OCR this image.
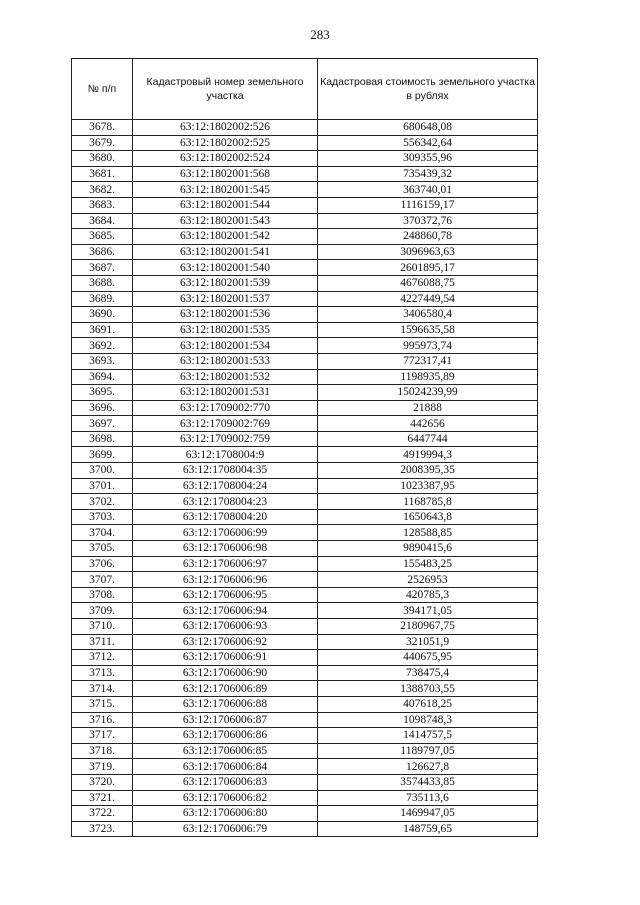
283
№ п/п	Кадастровый номер земельного участка	Кадастровая стоимость земельного участка в рублях
3678.	63:12:1802002:526	680648,08
3679.	63:12:1802002:525	556342,64
3680.	63:12:1802002:524	309355,96
3681.	63:12:1802001:568	735439,32
3682.	63:12:1802001:545	363740,01
3683.	63:12:1802001:544	1116159,17
3684.	63:12:1802001:543	370372,76
3685.	63:12:1802001:542	248860,78
3686.	63:12:1802001:541	3096963,63
3687.	63:12:1802001:540	2601895,17
3688.	63:12:1802001:539	4676088,75
3689.	63:12:1802001:537	4227449,54
3690.	63:12:1802001:536	3406580,4
3691.	63:12:1802001:535	1596635,58
3692.	63:12:1802001:534	995973,74
3693.	63:12:1802001:533	772317,41
3694.	63:12:1802001:532	1198935,89
3695.	63:12:1802001:531	15024239,99
3696.	63:12:1709002:770	21888
3697.	63:12:1709002:769	442656
3698.	63:12:1709002:759	6447744
3699.	63:12:1708004:9	4919994,3
3700.	63:12:1708004:35	2008395,35
3701.	63:12:1708004:24	1023387,95
3702.	63:12:1708004:23	1168785,8
3703.	63:12:1708004:20	1650643,8
3704.	63:12:1706006:99	128588,85
3705.	63:12:1706006:98	9890415,6
3706.	63:12:1706006:97	155483,25
3707.	63:12:1706006:96	2526953
3708.	63:12:1706006:95	420785,3
3709.	63:12:1706006:94	394171,05
3710.	63:12:1706006:93	2180967,75
3711.	63:12:1706006:92	321051,9
3712.	63:12:1706006:91	440675,95
3713.	63:12:1706006:90	738475,4
3714.	63:12:1706006:89	1388703,55
3715.	63:12:1706006:88	407618,25
3716.	63:12:1706006:87	1098748,3
3717.	63:12:1706006:86	1414757,5
3718.	63:12:1706006:85	1189797,05
3719.	63:12:1706006:84	126627,8
3720.	63:12:1706006:83	3574433,85
3721.	63:12:1706006:82	735113,6
3722.	63:12:1706006:80	1469947,05
3723.	63:12:1706006:79	148759,65
